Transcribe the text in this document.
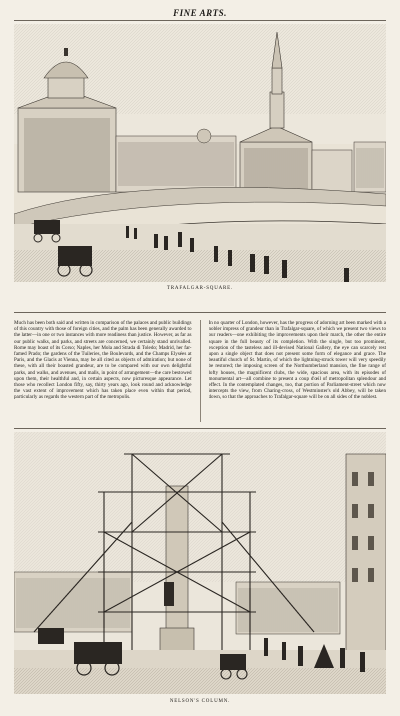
FINE ARTS.
TRAFALGAR-SQUARE.
Much has been both said and written in comparison of the palaces and public buildings of this country with those of foreign cities, and the palm has been generally awarded to the latter—in one or two instances with more readiness than justice. However, as far as our public walks, and parks, and streets are concerned, we certainly stand unrivalled. Rome may boast of its Corso; Naples, her Mola and Strada di Toledo; Madrid, her far-famed Prado; the gardens of the Tuileries, the Boulevards, and the Champs Elysées at Paris, and the Glacis at Vienna, may be all cited as objects of admiration; but none of these, with all their boasted grandeur, are to be compared with our own delightful parks, and walks, and avenues, and malls, in point of arrangement—the care bestowed upon them, their healthful and, in certain aspects, now picturesque appearance. Let those who recollect London fifty, say, thirty years ago, look round and acknowledge the vast extent of improvement which has taken place even within that period, particularly as regards the western part of the metropolis.
In no quarter of London, however, has the progress of adorning art been marked with a nobler impress of grandeur than in Trafalgar-square, of which we present two views to our readers—one exhibiting the improvements upon their march, the other the entire square in the full beauty of its completion. With the single, but too prominent, exception of the tasteless and ill-devised National Gallery, the eye can scarcely rest upon a single object that does not present some form of elegance and grace. The beautiful church of St. Martin, of which the lightning-struck tower will very speedily be restored; the imposing screen of the Northumberland mansion, the fine range of lofty houses, the magnificent clubs, the wide, spacious area, with its episodes of monumental art—all combine to present a coup d'œil of metropolitan splendour and effect. In the contemplated changes, too, that portion of Parliament-street which now intercepts the view, from Charing-cross, of Westminster's old Abbey, will be taken down, so that the approaches to Trafalgar-square will be on all sides of the noblest.
NELSON'S COLUMN.
